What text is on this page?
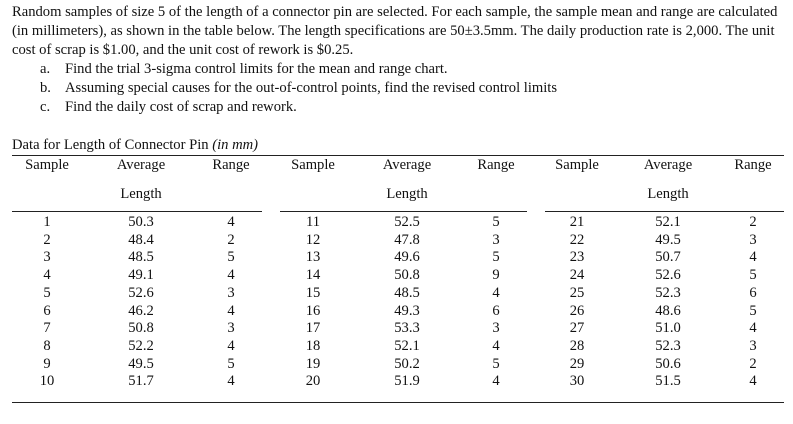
Random samples of size 5 of the length of a connector pin are selected. For each sample, the sample mean and range are calculated (in millimeters), as shown in the table below. The length specifications are 50±3.5mm. The daily production rate is 2,000. The unit cost of scrap is $1.00, and the unit cost of rework is $0.25.

a. Find the trial 3-sigma control limits for the mean and range chart.
b. Assuming special causes for the out-of-control points, find the revised control limits
c. Find the daily cost of scrap and rework.
Data for Length of Connector Pin (in mm)
Sample	Average	Range
Length
1	50.3	4
2	48.4	2
3	48.5	5
4	49.1	4
5	52.6	3
6	46.2	4
7	50.8	3
8	52.2	4
9	49.5	5
10	51.7	4
Sample	Average	Range
Length
11	52.5	5
12	47.8	3
13	49.6	5
14	50.8	9
15	48.5	4
16	49.3	6
17	53.3	3
18	52.1	4
19	50.2	5
20	51.9	4
Sample	Average	Range
Length
21	52.1	2
22	49.5	3
23	50.7	4
24	52.6	5
25	52.3	6
26	48.6	5
27	51.0	4
28	52.3	3
29	50.6	2
30	51.5	4
